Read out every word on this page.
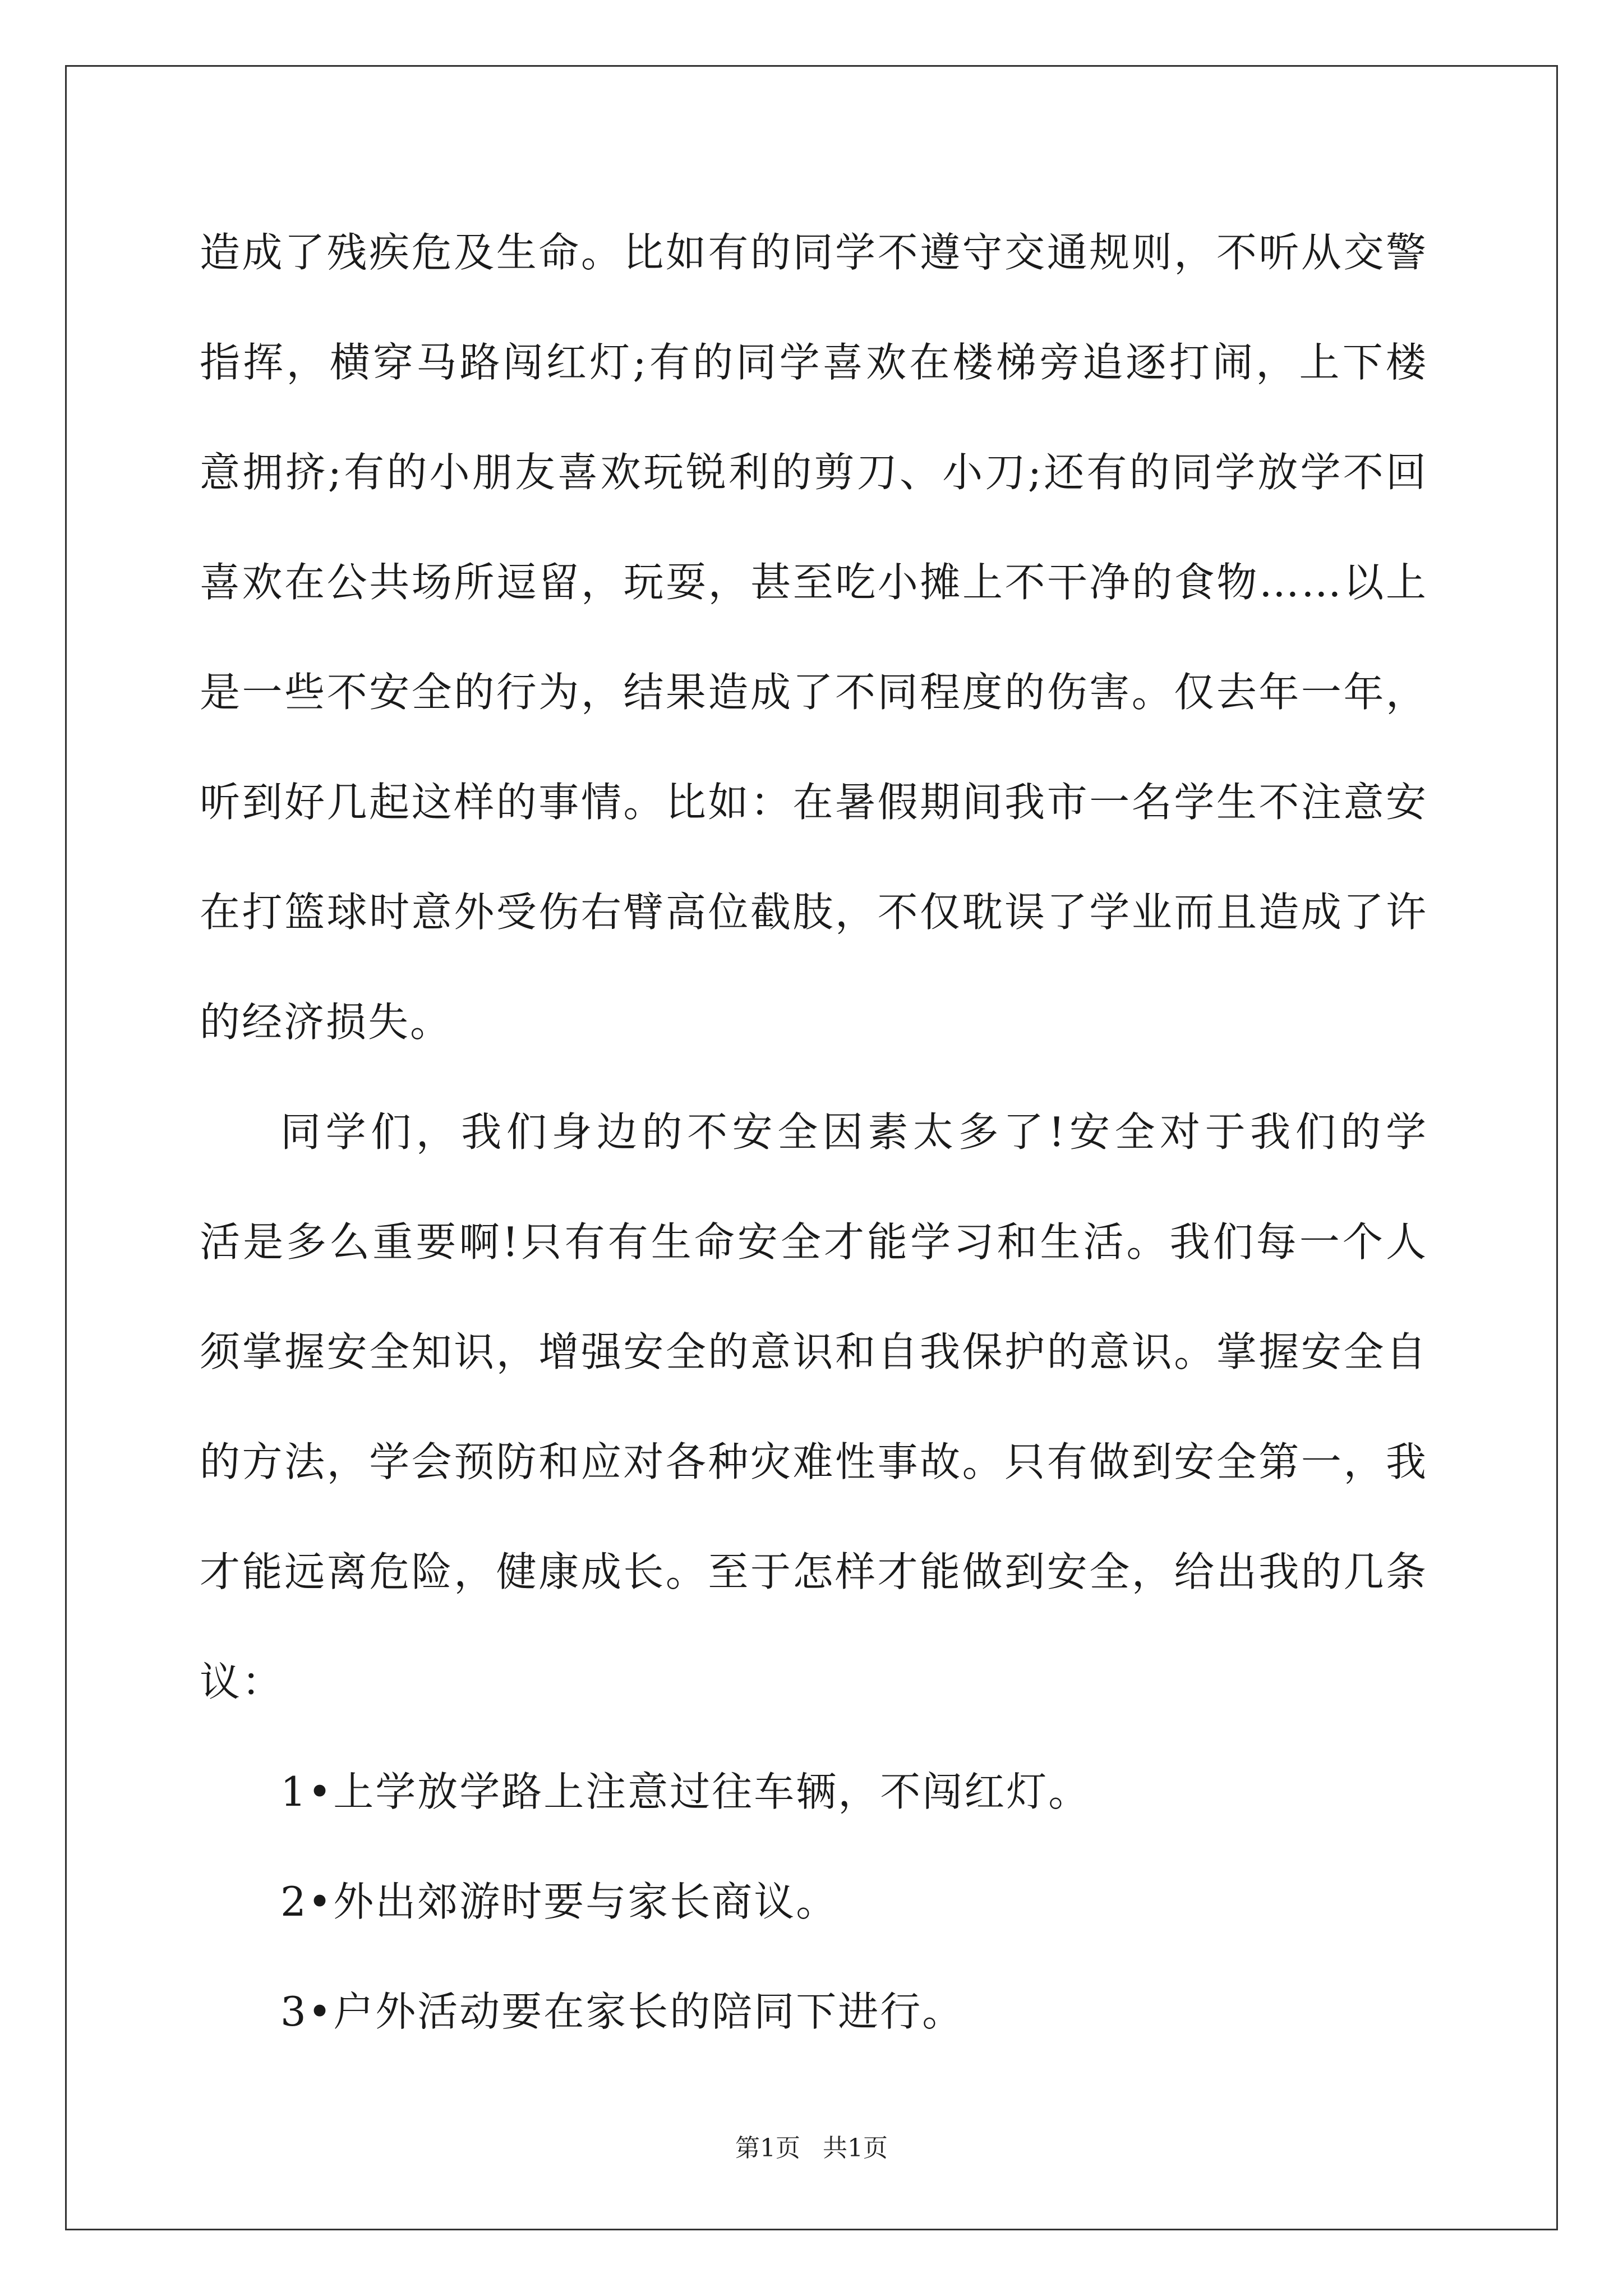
造成了残疾危及生命。比如有的同学不遵守交通规则，不听从交警
指挥，横穿马路闯红灯;有的同学喜欢在楼梯旁追逐打闹，上下楼
意拥挤;有的小朋友喜欢玩锐利的剪刀、小刀;还有的同学放学不回
喜欢在公共场所逗留，玩耍，甚至吃小摊上不干净的食物……以上
是一些不安全的行为，结果造成了不同程度的伤害。仅去年一年，
听到好几起这样的事情。比如：在暑假期间我市一名学生不注意安
在打篮球时意外受伤右臂高位截肢，不仅耽误了学业而且造成了许
的经济损失。
同学们，我们身边的不安全因素太多了!安全对于我们的学
活是多么重要啊!只有有生命安全才能学习和生活。我们每一个人
须掌握安全知识，增强安全的意识和自我保护的意识。掌握安全自
的方法，学会预防和应对各种灾难性事故。只有做到安全第一，我
才能远离危险，健康成长。至于怎样才能做到安全，给出我的几条
议：
1•上学放学路上注意过往车辆，不闯红灯。
2•外出郊游时要与家长商议。
3•户外活动要在家长的陪同下进行。
第1页 共1页
